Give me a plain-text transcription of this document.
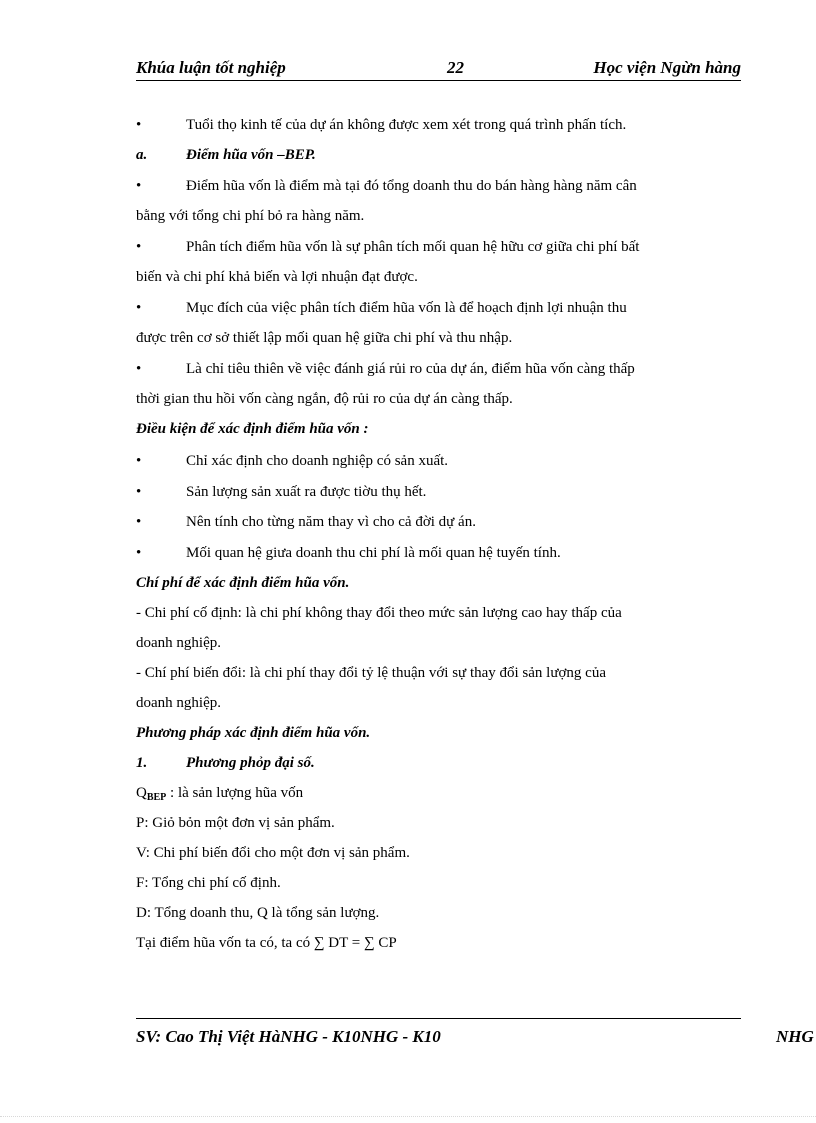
Khúa luận tốt nghiệp	22	Học viện Ngừn hàng
•	Tuổi thọ kinh tế của dự án không được xem xét trong quá trình phấn tích.
a.	Điểm hũa vốn –BEP.
•	Điểm hũa vốn là điểm mà tại đó tổng doanh thu do bán hàng hàng năm cân
bằng với tổng chi phí bỏ ra hàng năm.
•	Phân tích điểm hũa vốn là sự phân tích mối quan hệ hữu cơ giữa chi phí bất
biến và chi phí khả biến và lợi nhuận đạt được.
•	Mục đích của việc phân tích điểm hũa vốn là để hoạch định lợi nhuận thu
được trên cơ sở thiết lập mối quan hệ giữa chi phí và thu nhập.
•	Là chỉ tiêu thiên về việc đánh giá rủi ro của dự án, điểm hũa vốn càng thấp
thời gian thu hồi vốn càng ngắn, độ rủi ro của dự án càng thấp.
Điều kiện để xác định điểm hũa vốn :
•	Chỉ xác định cho doanh nghiệp có sản xuất.
•	Sản lượng sản xuất ra được tiờu thụ hết.
•	Nên tính cho từng năm thay vì cho cả đời dự án.
•	Mối quan hệ giưa doanh thu chi phí là mối quan hệ tuyến tính.
Chí phí để xác định điểm hũa vốn.
- Chi phí cố định: là chi phí không thay đổi theo mức sản lượng cao hay thấp của
doanh nghiệp.
- Chí phí biến đổi: là chi phí thay đổi tỷ lệ thuận với sự thay đổi sản lượng của
doanh nghiệp.
Phương pháp xác định điểm hũa vốn.
1.	Phương phỏp đại số.
$Q_{BEP}$ : là sản lượng hũa vốn
P: Giỏ bỏn một đơn vị sản phẩm.
V: Chi phí biến đổi cho một đơn vị sản phẩm.
F: Tổng chi phí cố định.
D: Tổng doanh thu, Q là tổng sản lượng.
Tại điểm hũa vốn ta có, ta có ∑ DT = ∑ CP
SV: Cao Thị Việt HàNHG - K10NHG - K10	NHG
